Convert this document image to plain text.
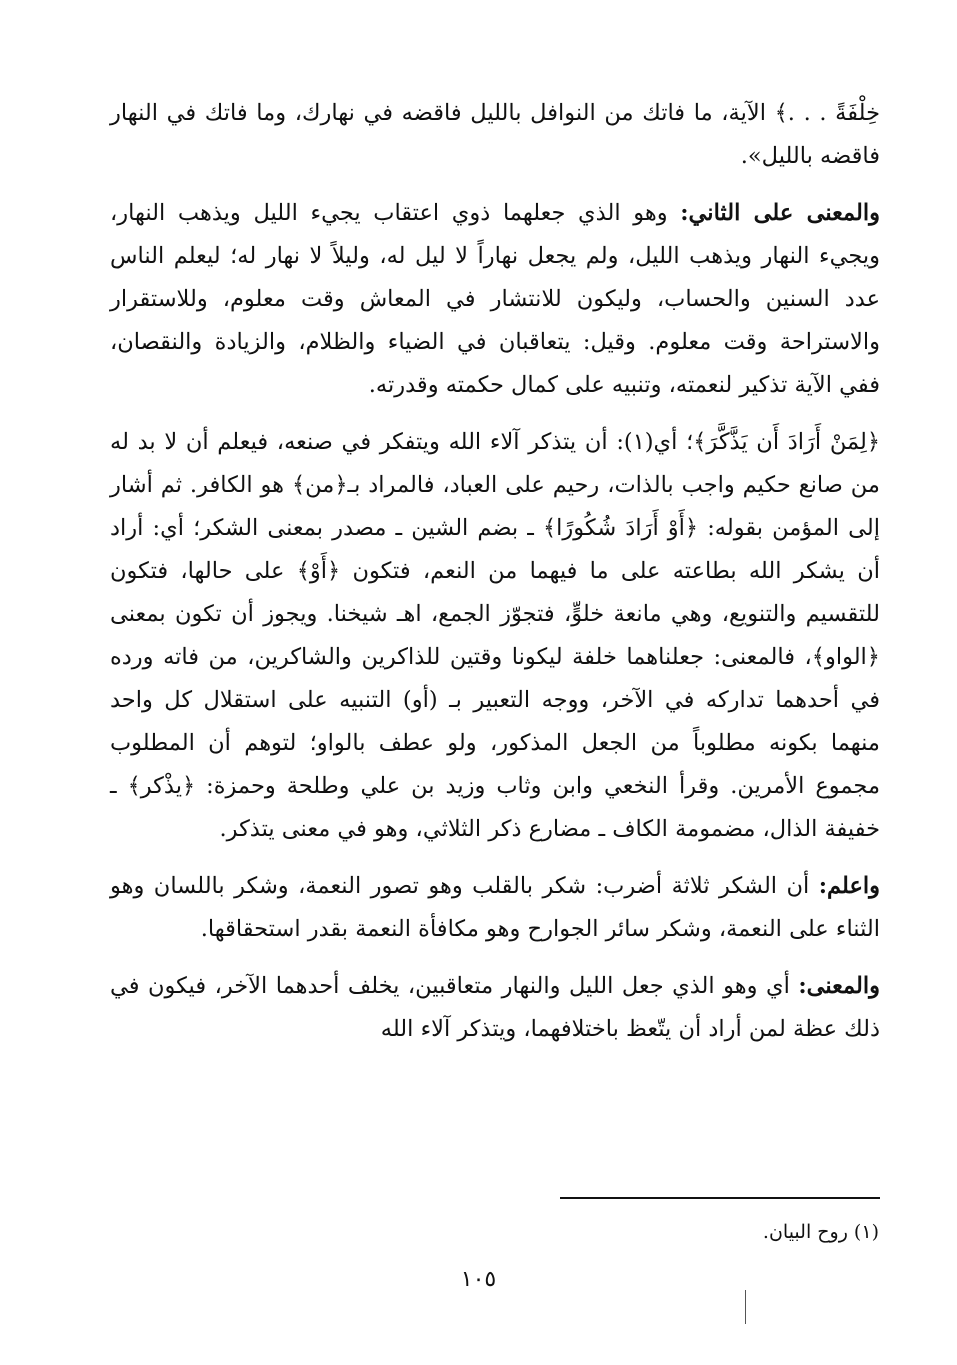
خِلْفَةً . . .﴾ الآية، ما فاتك من النوافل بالليل فاقضه في نهارك، وما فاتك في النهار فاقضه بالليل».

والمعنى على الثاني: وهو الذي جعلهما ذوي اعتقاب يجيء الليل ويذهب النهار، ويجيء النهار ويذهب الليل، ولم يجعل نهاراً لا ليل له، وليلاً لا نهار له؛ ليعلم الناس عدد السنين والحساب، وليكون للانتشار في المعاش وقت معلوم، وللاستقرار والاستراحة وقت معلوم. وقيل: يتعاقبان في الضياء والظلام، والزيادة والنقصان، ففي الآية تذكير لنعمته، وتنبيه على كمال حكمته وقدرته.

﴿لِمَنْ أَرَادَ أَن يَذَّكَّرَ﴾؛ أي(١): أن يتذكر آلاء الله ويتفكر في صنعه، فيعلم أن لا بد له من صانع حكيم واجب بالذات، رحيم على العباد، فالمراد بـ﴿من﴾ هو الكافر. ثم أشار إلى المؤمن بقوله: ﴿أَوْ أَرَادَ شُكُورًا﴾ ـ بضم الشين ـ مصدر بمعنى الشكر؛ أي: أراد أن يشكر الله بطاعته على ما فيهما من النعم، فتكون ﴿أَوْ﴾ على حالها، فتكون للتقسيم والتنويع، وهي مانعة خلوٍّ، فتجوّز الجمع، اهـ شيخنا. ويجوز أن تكون بمعنى ﴿الواو﴾، فالمعنى: جعلناهما خلفة ليكونا وقتين للذاكرين والشاكرين، من فاته ورده في أحدهما تداركه في الآخر، ووجه التعبير بـ (أو) التنبيه على استقلال كل واحد منهما بكونه مطلوباً من الجعل المذكور، ولو عطف بالواو؛ لتوهم أن المطلوب مجموع الأمرين. وقرأ النخعي وابن وثاب وزيد بن علي وطلحة وحمزة: ﴿يذْكر﴾ ـ خفيفة الذال، مضمومة الكاف ـ مضارع ذكر الثلاثي، وهو في معنى يتذكر.

واعلم: أن الشكر ثلاثة أضرب: شكر بالقلب وهو تصور النعمة، وشكر باللسان وهو الثناء على النعمة، وشكر سائر الجوارح وهو مكافأة النعمة بقدر استحقاقها.

والمعنى: أي وهو الذي جعل الليل والنهار متعاقبين، يخلف أحدهما الآخر، فيكون في ذلك عظة لمن أراد أن يتّعظ باختلافهما، ويتذكر آلاء الله

(١) روح البيان.
١٠٥
